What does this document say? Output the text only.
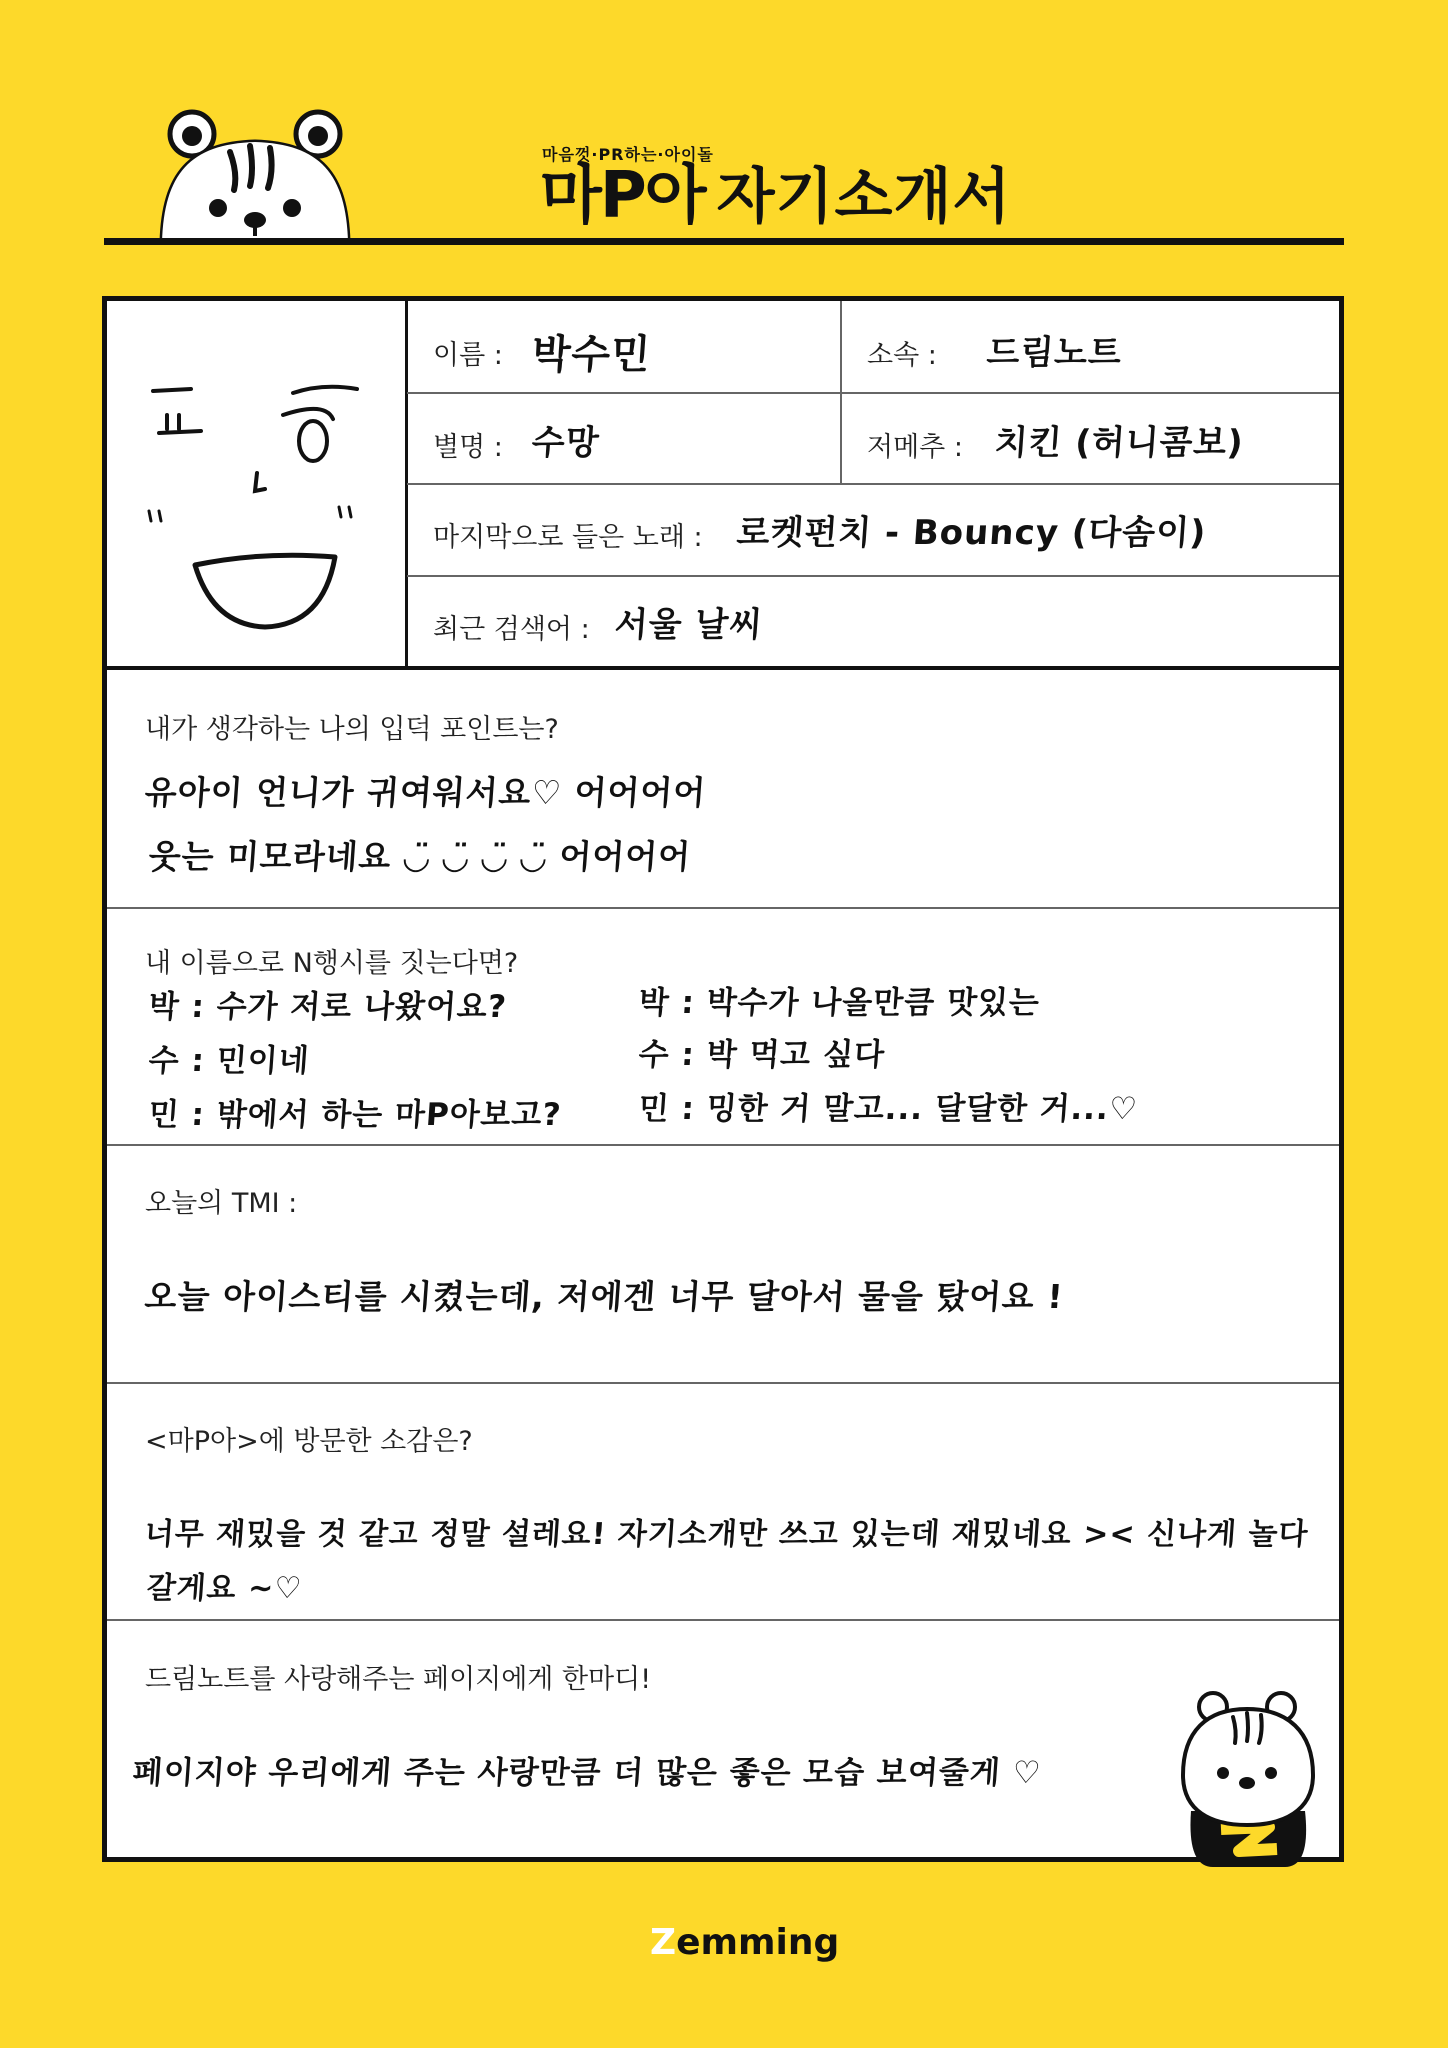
마음껏·PR하는·아이돌
마P아 자기소개서
이름 : 박수민	소속 : 드림노트
별명 : 수망	저메추 : 치킨 (허니콤보)
마지막으로 들은 노래 : 로켓펀치 - Bouncy (다솜이)
최근 검색어 : 서울 날씨
내가 생각하는 나의 입덕 포인트는?
유아이 언니가 귀여워서요♡ 어어어어
웃는 미모라네요 ◡̈ ◡̈ ◡̈ ◡̈ 어어어어
내 이름으로 N행시를 짓는다면?
박 : 수가 저로 나왔어요?
수 : 민이네
민 : 밖에서 하는 마P아보고?
박 : 박수가 나올만큼 맛있는
수 : 박 먹고 싶다
민 : 밍한 거 말고... 달달한 거...♡
오늘의 TMI :
오늘 아이스티를 시켰는데, 저에겐 너무 달아서 물을 탔어요 !
<마P아>에 방문한 소감은?
너무 재밌을 것 같고 정말 설레요! 자기소개만 쓰고 있는데 재밌네요 >< 신나게 놀다
갈게요 ~♡
드림노트를 사랑해주는 페이지에게 한마디!
페이지야 우리에게 주는 사랑만큼 더 많은 좋은 모습 보여줄게 ♡
Zemming
